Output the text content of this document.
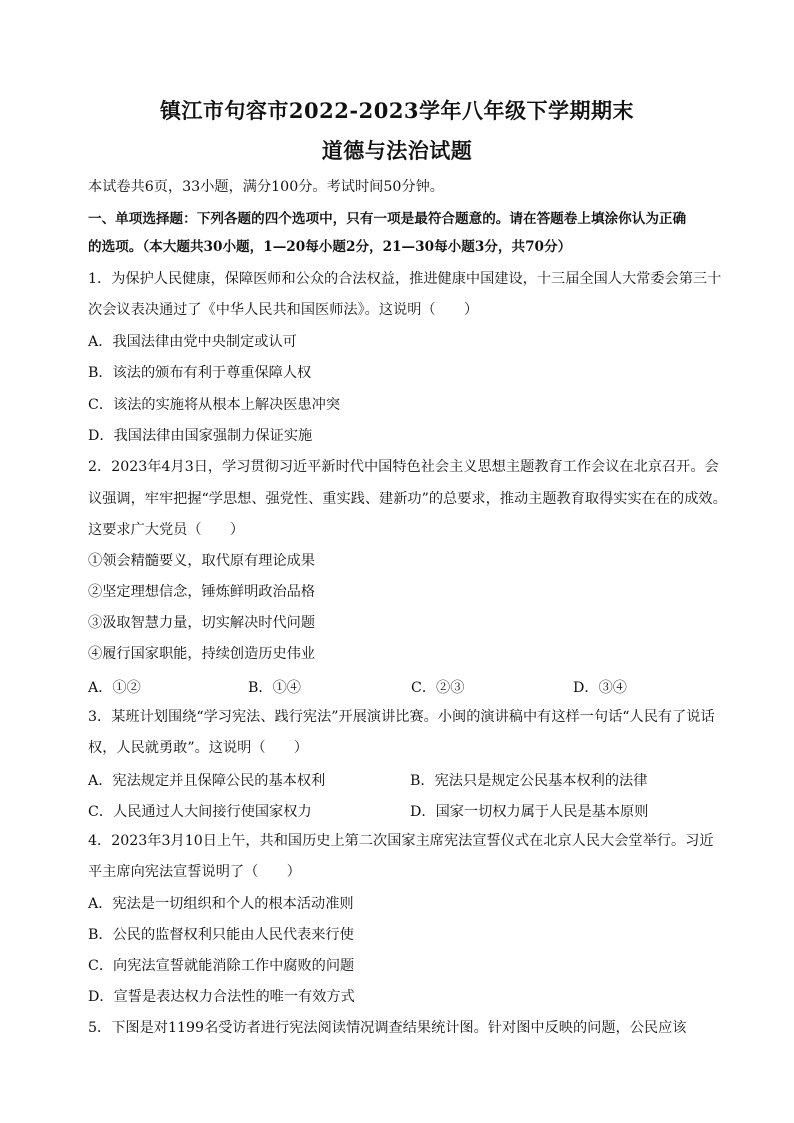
镇江市句容市2022-2023学年八年级下学期期末
道德与法治试题
本试卷共6页，33小题，满分100分。考试时间50分钟。
一、单项选择题：下列各题的四个选项中，只有一项是最符合题意的。请在答题卷上填涂你认为正确
的选项。（本大题共30小题，1—20每小题2分，21—30每小题3分，共70分）
1．为保护人民健康，保障医师和公众的合法权益，推进健康中国建设，十三届全国人大常委会第三十
次会议表决通过了《中华人民共和国医师法》。这说明（　　）
A．我国法律由党中央制定或认可
B．该法的颁布有利于尊重保障人权
C．该法的实施将从根本上解决医患冲突
D．我国法律由国家强制力保证实施
2．2023年4月3日，学习贯彻习近平新时代中国特色社会主义思想主题教育工作会议在北京召开。会
议强调，牢牢把握“学思想、强党性、重实践、建新功”的总要求，推动主题教育取得实实在在的成效。
这要求广大党员（　　）
①领会精髓要义，取代原有理论成果
②坚定理想信念，锤炼鲜明政治品格
③汲取智慧力量，切实解决时代问题
④履行国家职能，持续创造历史伟业
A．①②	B．①④	C．②③	D．③④
3．某班计划围绕“学习宪法、践行宪法”开展演讲比赛。小闽的演讲稿中有这样一句话“人民有了说话
权，人民就勇敢”。这说明（　　）
A．宪法规定并且保障公民的基本权利	B．宪法只是规定公民基本权利的法律
C．人民通过人大间接行使国家权力	D．国家一切权力属于人民是基本原则
4．2023年3月10日上午，共和国历史上第二次国家主席宪法宣誓仪式在北京人民大会堂举行。习近
平主席向宪法宣誓说明了（　　）
A．宪法是一切组织和个人的根本活动准则
B．公民的监督权利只能由人民代表来行使
C．向宪法宣誓就能消除工作中腐败的问题
D．宣誓是表达权力合法性的唯一有效方式
5．下图是对1199名受访者进行宪法阅读情况调查结果统计图。针对图中反映的问题，公民应该
